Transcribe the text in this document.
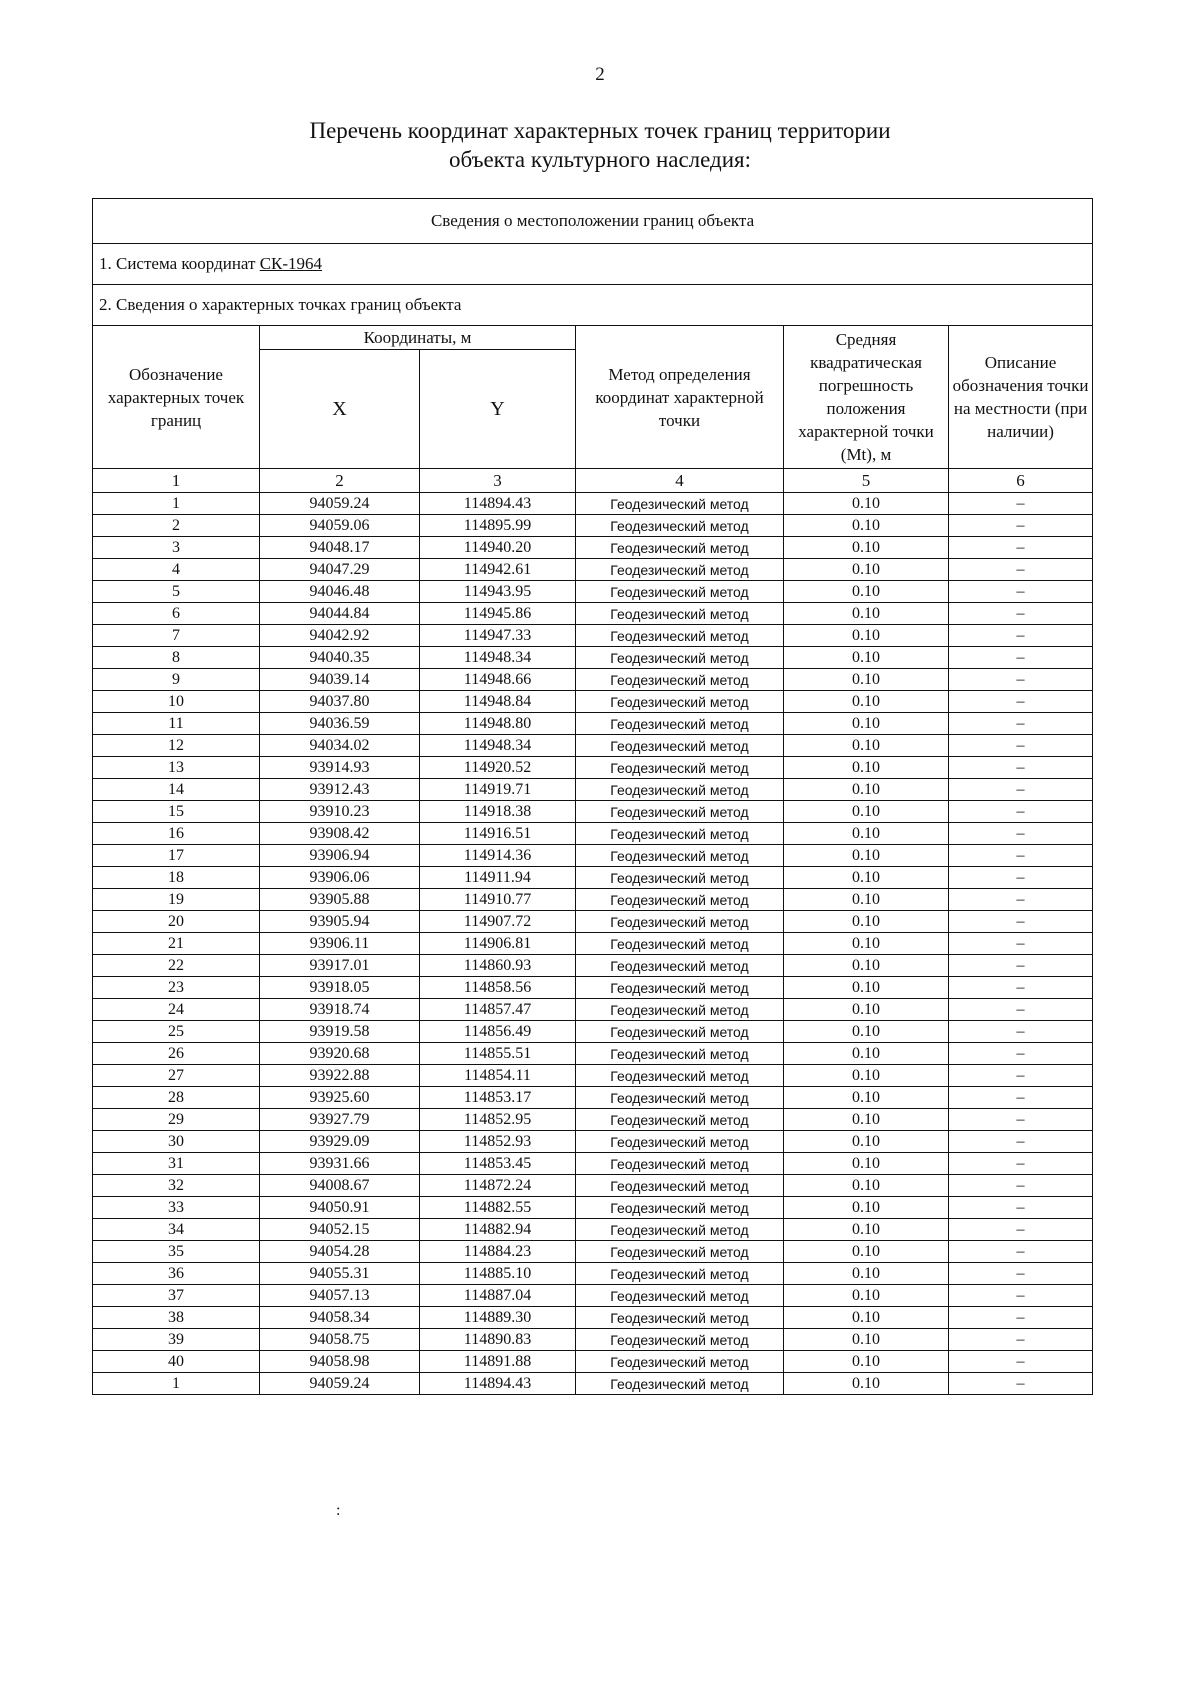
2
Перечень координат характерных точек границ территории
объекта культурного наследия:
Сведения о местоположении границ объекта					
1. Система координат СК-1964					
2. Сведения о характерных точках границ объекта					
Обозначение характерных точек границ	Координаты, м		Метод определения координат характерной точки	Средняя квадратическая погрешность положения характерной точки (Mt), м	Описание обозначения точки на местности (при наличии)
	X	Y			
1	2	3	4	5	6
1	94059.24	114894.43	Геодезический метод	0.10	–
2	94059.06	114895.99	Геодезический метод	0.10	–
3	94048.17	114940.20	Геодезический метод	0.10	–
4	94047.29	114942.61	Геодезический метод	0.10	–
5	94046.48	114943.95	Геодезический метод	0.10	–
6	94044.84	114945.86	Геодезический метод	0.10	–
7	94042.92	114947.33	Геодезический метод	0.10	–
8	94040.35	114948.34	Геодезический метод	0.10	–
9	94039.14	114948.66	Геодезический метод	0.10	–
10	94037.80	114948.84	Геодезический метод	0.10	–
11	94036.59	114948.80	Геодезический метод	0.10	–
12	94034.02	114948.34	Геодезический метод	0.10	–
13	93914.93	114920.52	Геодезический метод	0.10	–
14	93912.43	114919.71	Геодезический метод	0.10	–
15	93910.23	114918.38	Геодезический метод	0.10	–
16	93908.42	114916.51	Геодезический метод	0.10	–
17	93906.94	114914.36	Геодезический метод	0.10	–
18	93906.06	114911.94	Геодезический метод	0.10	–
19	93905.88	114910.77	Геодезический метод	0.10	–
20	93905.94	114907.72	Геодезический метод	0.10	–
21	93906.11	114906.81	Геодезический метод	0.10	–
22	93917.01	114860.93	Геодезический метод	0.10	–
23	93918.05	114858.56	Геодезический метод	0.10	–
24	93918.74	114857.47	Геодезический метод	0.10	–
25	93919.58	114856.49	Геодезический метод	0.10	–
26	93920.68	114855.51	Геодезический метод	0.10	–
27	93922.88	114854.11	Геодезический метод	0.10	–
28	93925.60	114853.17	Геодезический метод	0.10	–
29	93927.79	114852.95	Геодезический метод	0.10	–
30	93929.09	114852.93	Геодезический метод	0.10	–
31	93931.66	114853.45	Геодезический метод	0.10	–
32	94008.67	114872.24	Геодезический метод	0.10	–
33	94050.91	114882.55	Геодезический метод	0.10	–
34	94052.15	114882.94	Геодезический метод	0.10	–
35	94054.28	114884.23	Геодезический метод	0.10	–
36	94055.31	114885.10	Геодезический метод	0.10	–
37	94057.13	114887.04	Геодезический метод	0.10	–
38	94058.34	114889.30	Геодезический метод	0.10	–
39	94058.75	114890.83	Геодезический метод	0.10	–
40	94058.98	114891.88	Геодезический метод	0.10	–
1	94059.24	114894.43	Геодезический метод	0.10	–
:
